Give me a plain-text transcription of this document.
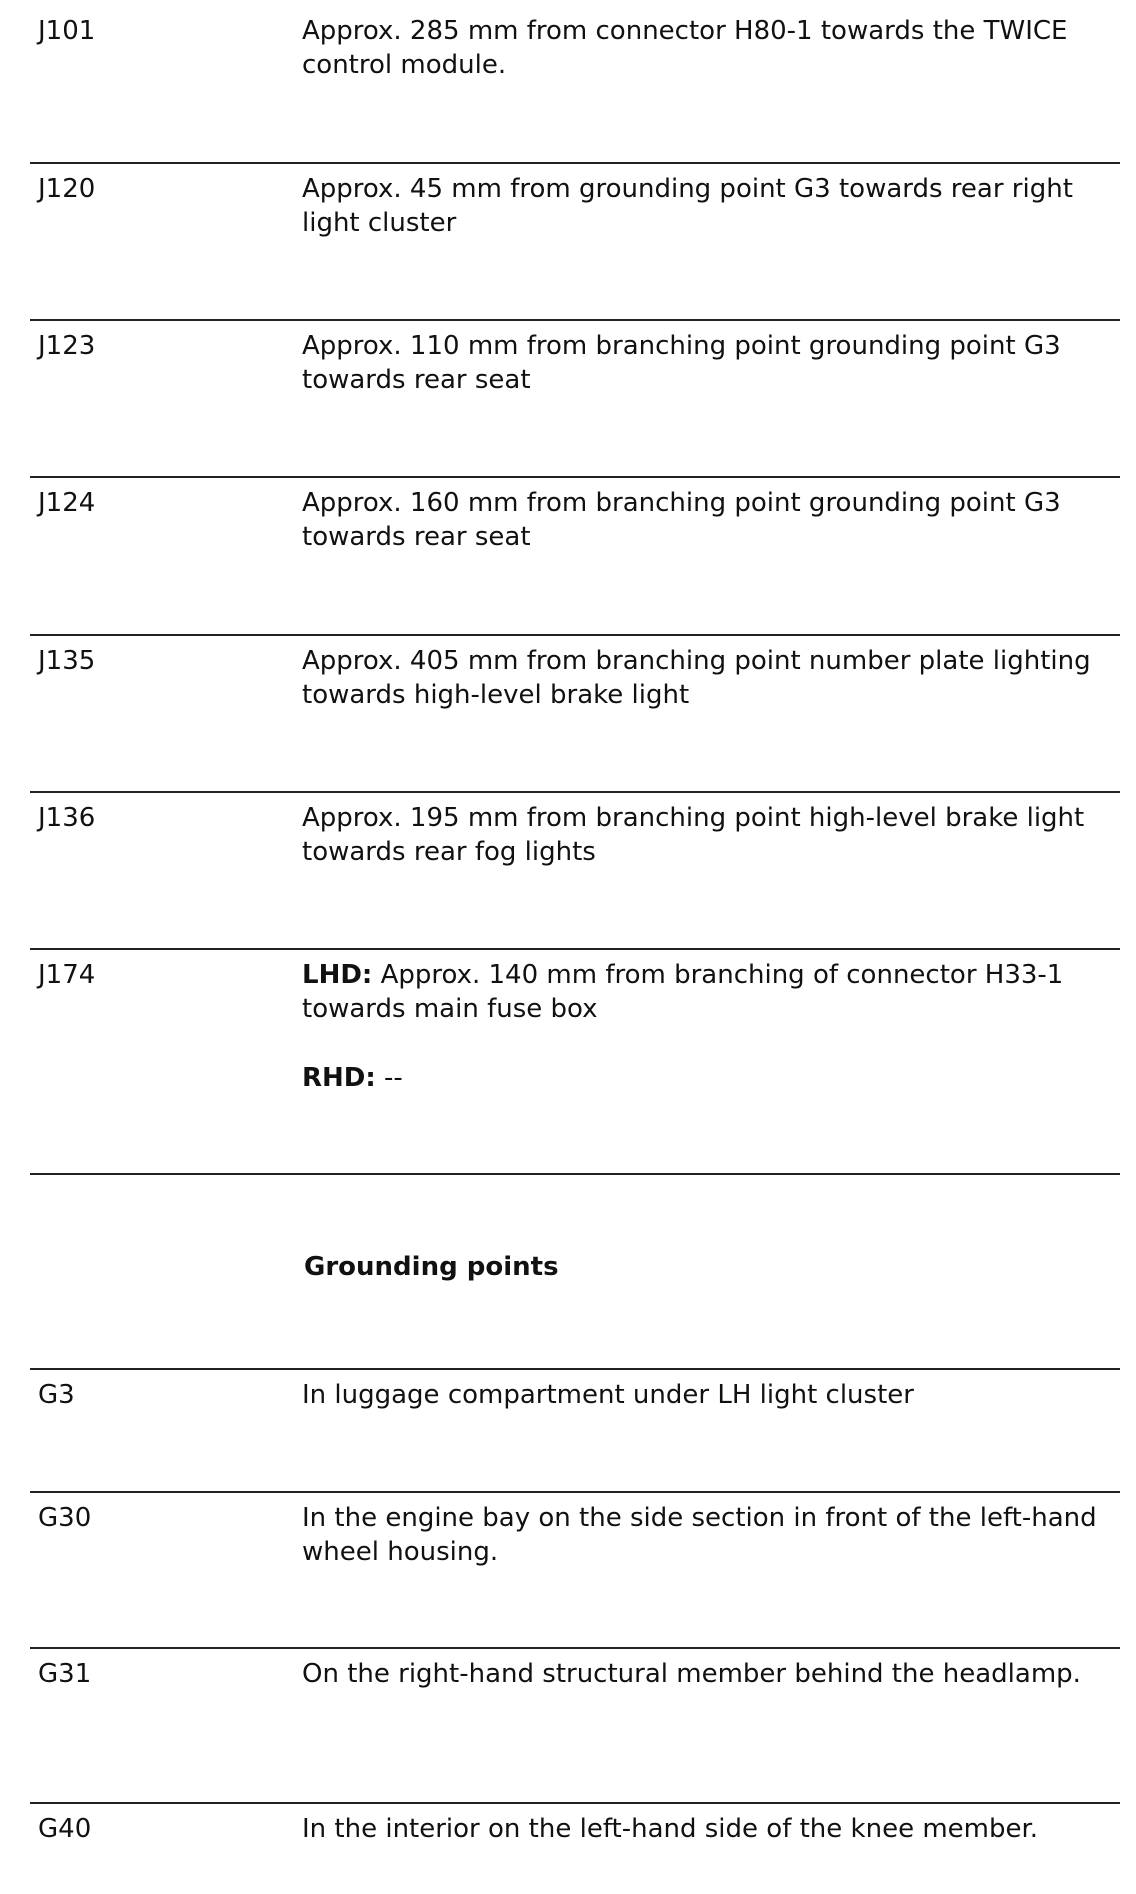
J101	Approx. 285 mm from connector H80-1 towards the TWICE control module.
J120	Approx. 45 mm from grounding point G3 towards rear right light cluster
J123	Approx. 110 mm from branching point grounding point G3 towards rear seat
J124	Approx. 160 mm from branching point grounding point G3 towards rear seat
J135	Approx. 405 mm from branching point number plate lighting towards high-level brake light
J136	Approx. 195 mm from branching point high-level brake light towards rear fog lights
J174	LHD: Approx. 140 mm from branching of connector H33-1 towards main fuse box

RHD: --

Grounding points
G3	In luggage compartment under LH light cluster
G30	In the engine bay on the side section in front of the left-hand wheel housing.
G31	On the right-hand structural member behind the headlamp.
G40	In the interior on the left-hand side of the knee member.
